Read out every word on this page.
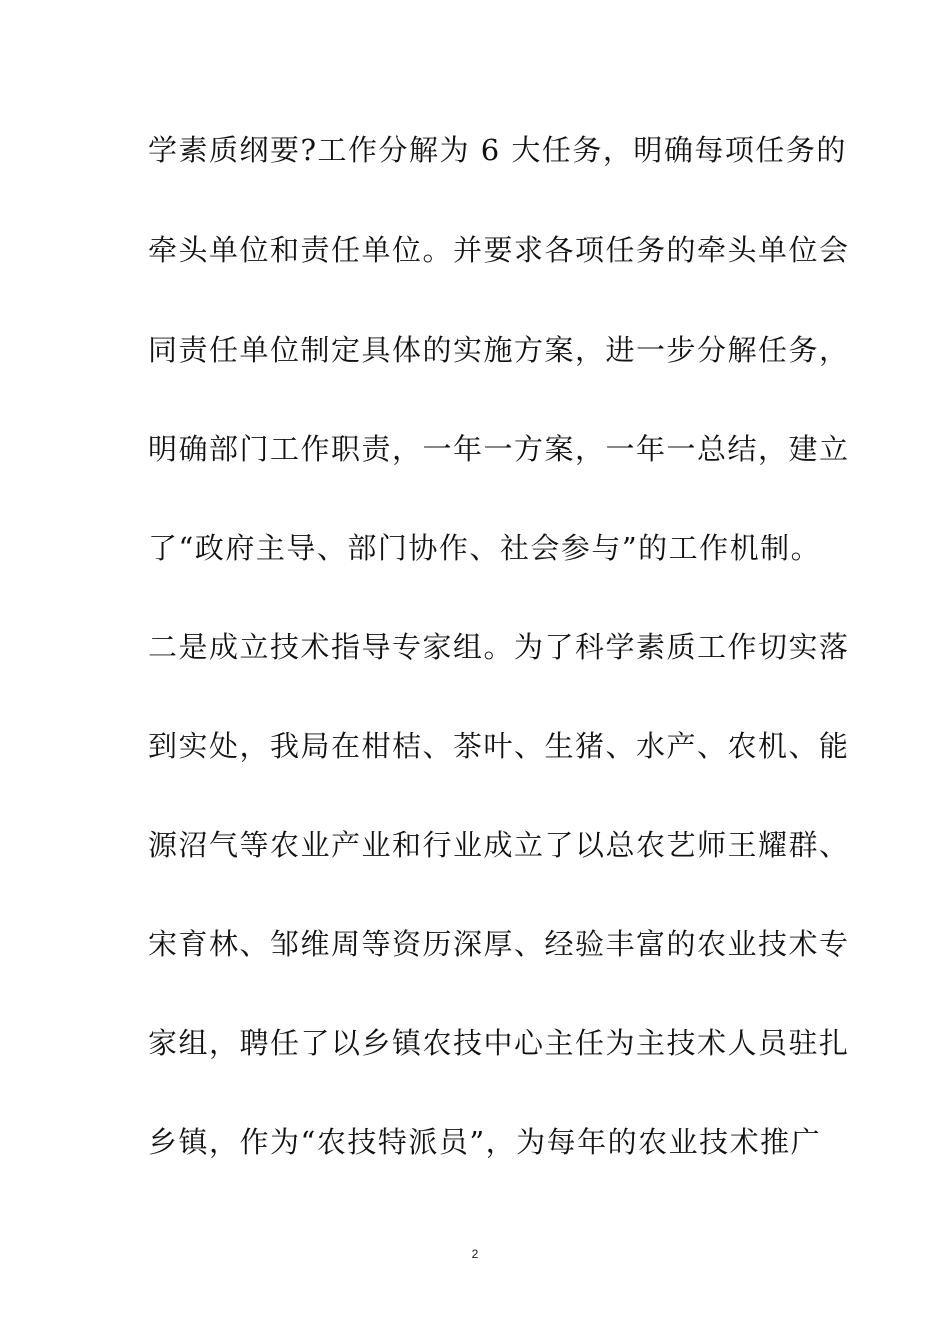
学素质纲要?工作分解为 6 大任务，明确每项任务的
牵头单位和责任单位。并要求各项任务的牵头单位会
同责任单位制定具体的实施方案，进一步分解任务，
明确部门工作职责，一年一方案，一年一总结，建立
了“政府主导、部门协作、社会参与”的工作机制。
二是成立技术指导专家组。为了科学素质工作切实落
到实处，我局在柑桔、茶叶、生猪、水产、农机、能
源沼气等农业产业和行业成立了以总农艺师王耀群、
宋育林、邹维周等资历深厚、经验丰富的农业技术专
家组，聘任了以乡镇农技中心主任为主技术人员驻扎
乡镇，作为“农技特派员”，为每年的农业技术推广
2
